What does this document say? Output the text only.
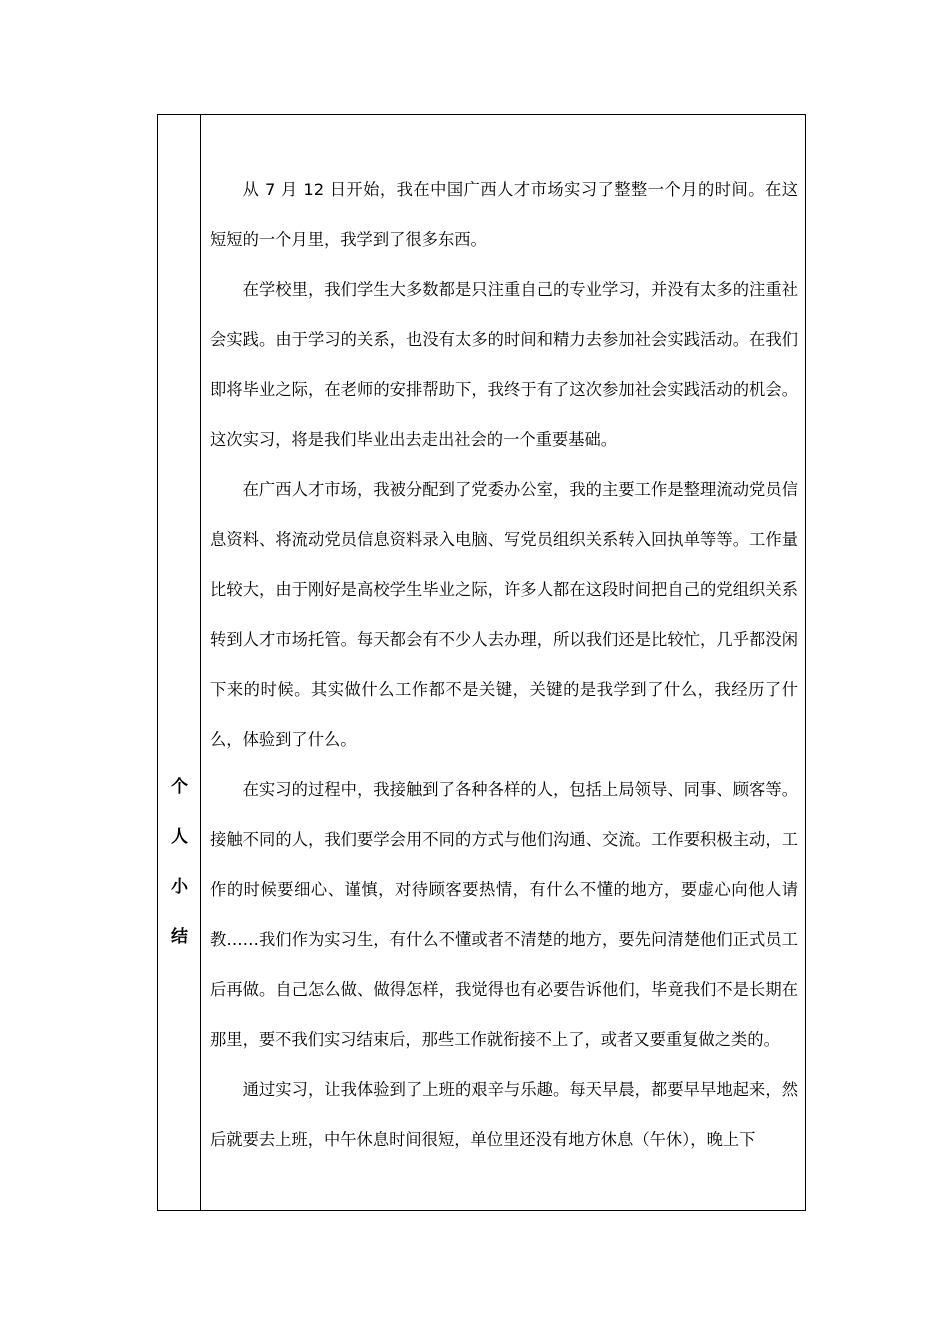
个
人
小
结

从 7 月 12 日开始，我在中国广西人才市场实习了整整一个月的时间。在这短短的一个月里，我学到了很多东西。

在学校里，我们学生大多数都是只注重自己的专业学习，并没有太多的注重社会实践。由于学习的关系，也没有太多的时间和精力去参加社会实践活动。在我们即将毕业之际，在老师的安排帮助下，我终于有了这次参加社会实践活动的机会。这次实习，将是我们毕业出去走出社会的一个重要基础。

在广西人才市场，我被分配到了党委办公室，我的主要工作是整理流动党员信息资料、将流动党员信息资料录入电脑、写党员组织关系转入回执单等等。工作量比较大，由于刚好是高校学生毕业之际，许多人都在这段时间把自己的党组织关系转到人才市场托管。每天都会有不少人去办理，所以我们还是比较忙，几乎都没闲下来的时候。其实做什么工作都不是关键，关键的是我学到了什么，我经历了什么，体验到了什么。

在实习的过程中，我接触到了各种各样的人，包括上局领导、同事、顾客等。接触不同的人，我们要学会用不同的方式与他们沟通、交流。工作要积极主动，工作的时候要细心、谨慎，对待顾客要热情，有什么不懂的地方，要虚心向他人请教……我们作为实习生，有什么不懂或者不清楚的地方，要先问清楚他们正式员工后再做。自己怎么做、做得怎样，我觉得也有必要告诉他们，毕竟我们不是长期在那里，要不我们实习结束后，那些工作就衔接不上了，或者又要重复做之类的。

通过实习，让我体验到了上班的艰辛与乐趣。每天早晨，都要早早地起来，然后就要去上班，中午休息时间很短，单位里还没有地方休息（午休），晚上下
